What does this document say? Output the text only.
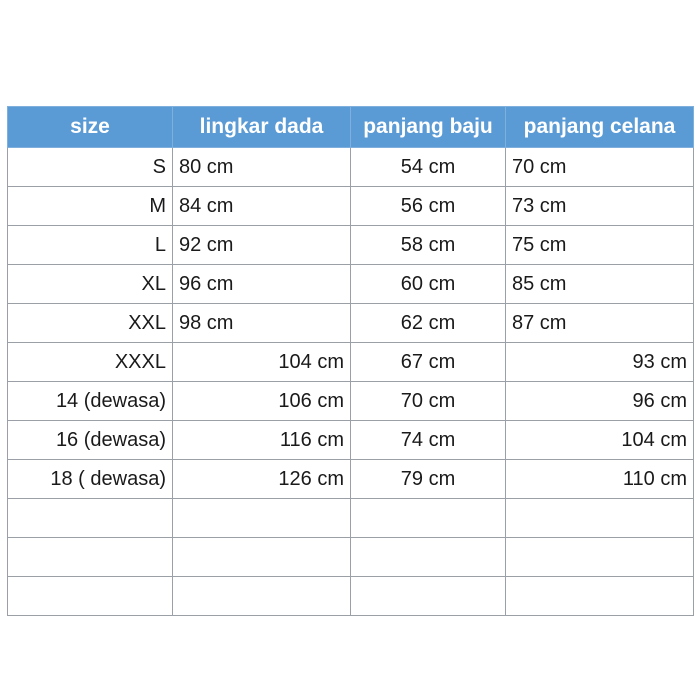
size	lingkar dada	panjang baju	panjang celana
S	80 cm	54 cm	70 cm
M	84 cm	56 cm	73 cm
L	92 cm	58 cm	75 cm
XL	96 cm	60 cm	85 cm
XXL	98 cm	62 cm	87 cm
XXXL	104 cm	67 cm	93 cm
14 (dewasa)	106 cm	70 cm	96 cm
16 (dewasa)	116 cm	74 cm	104 cm
18 ( dewasa)	126 cm	79 cm	110 cm
